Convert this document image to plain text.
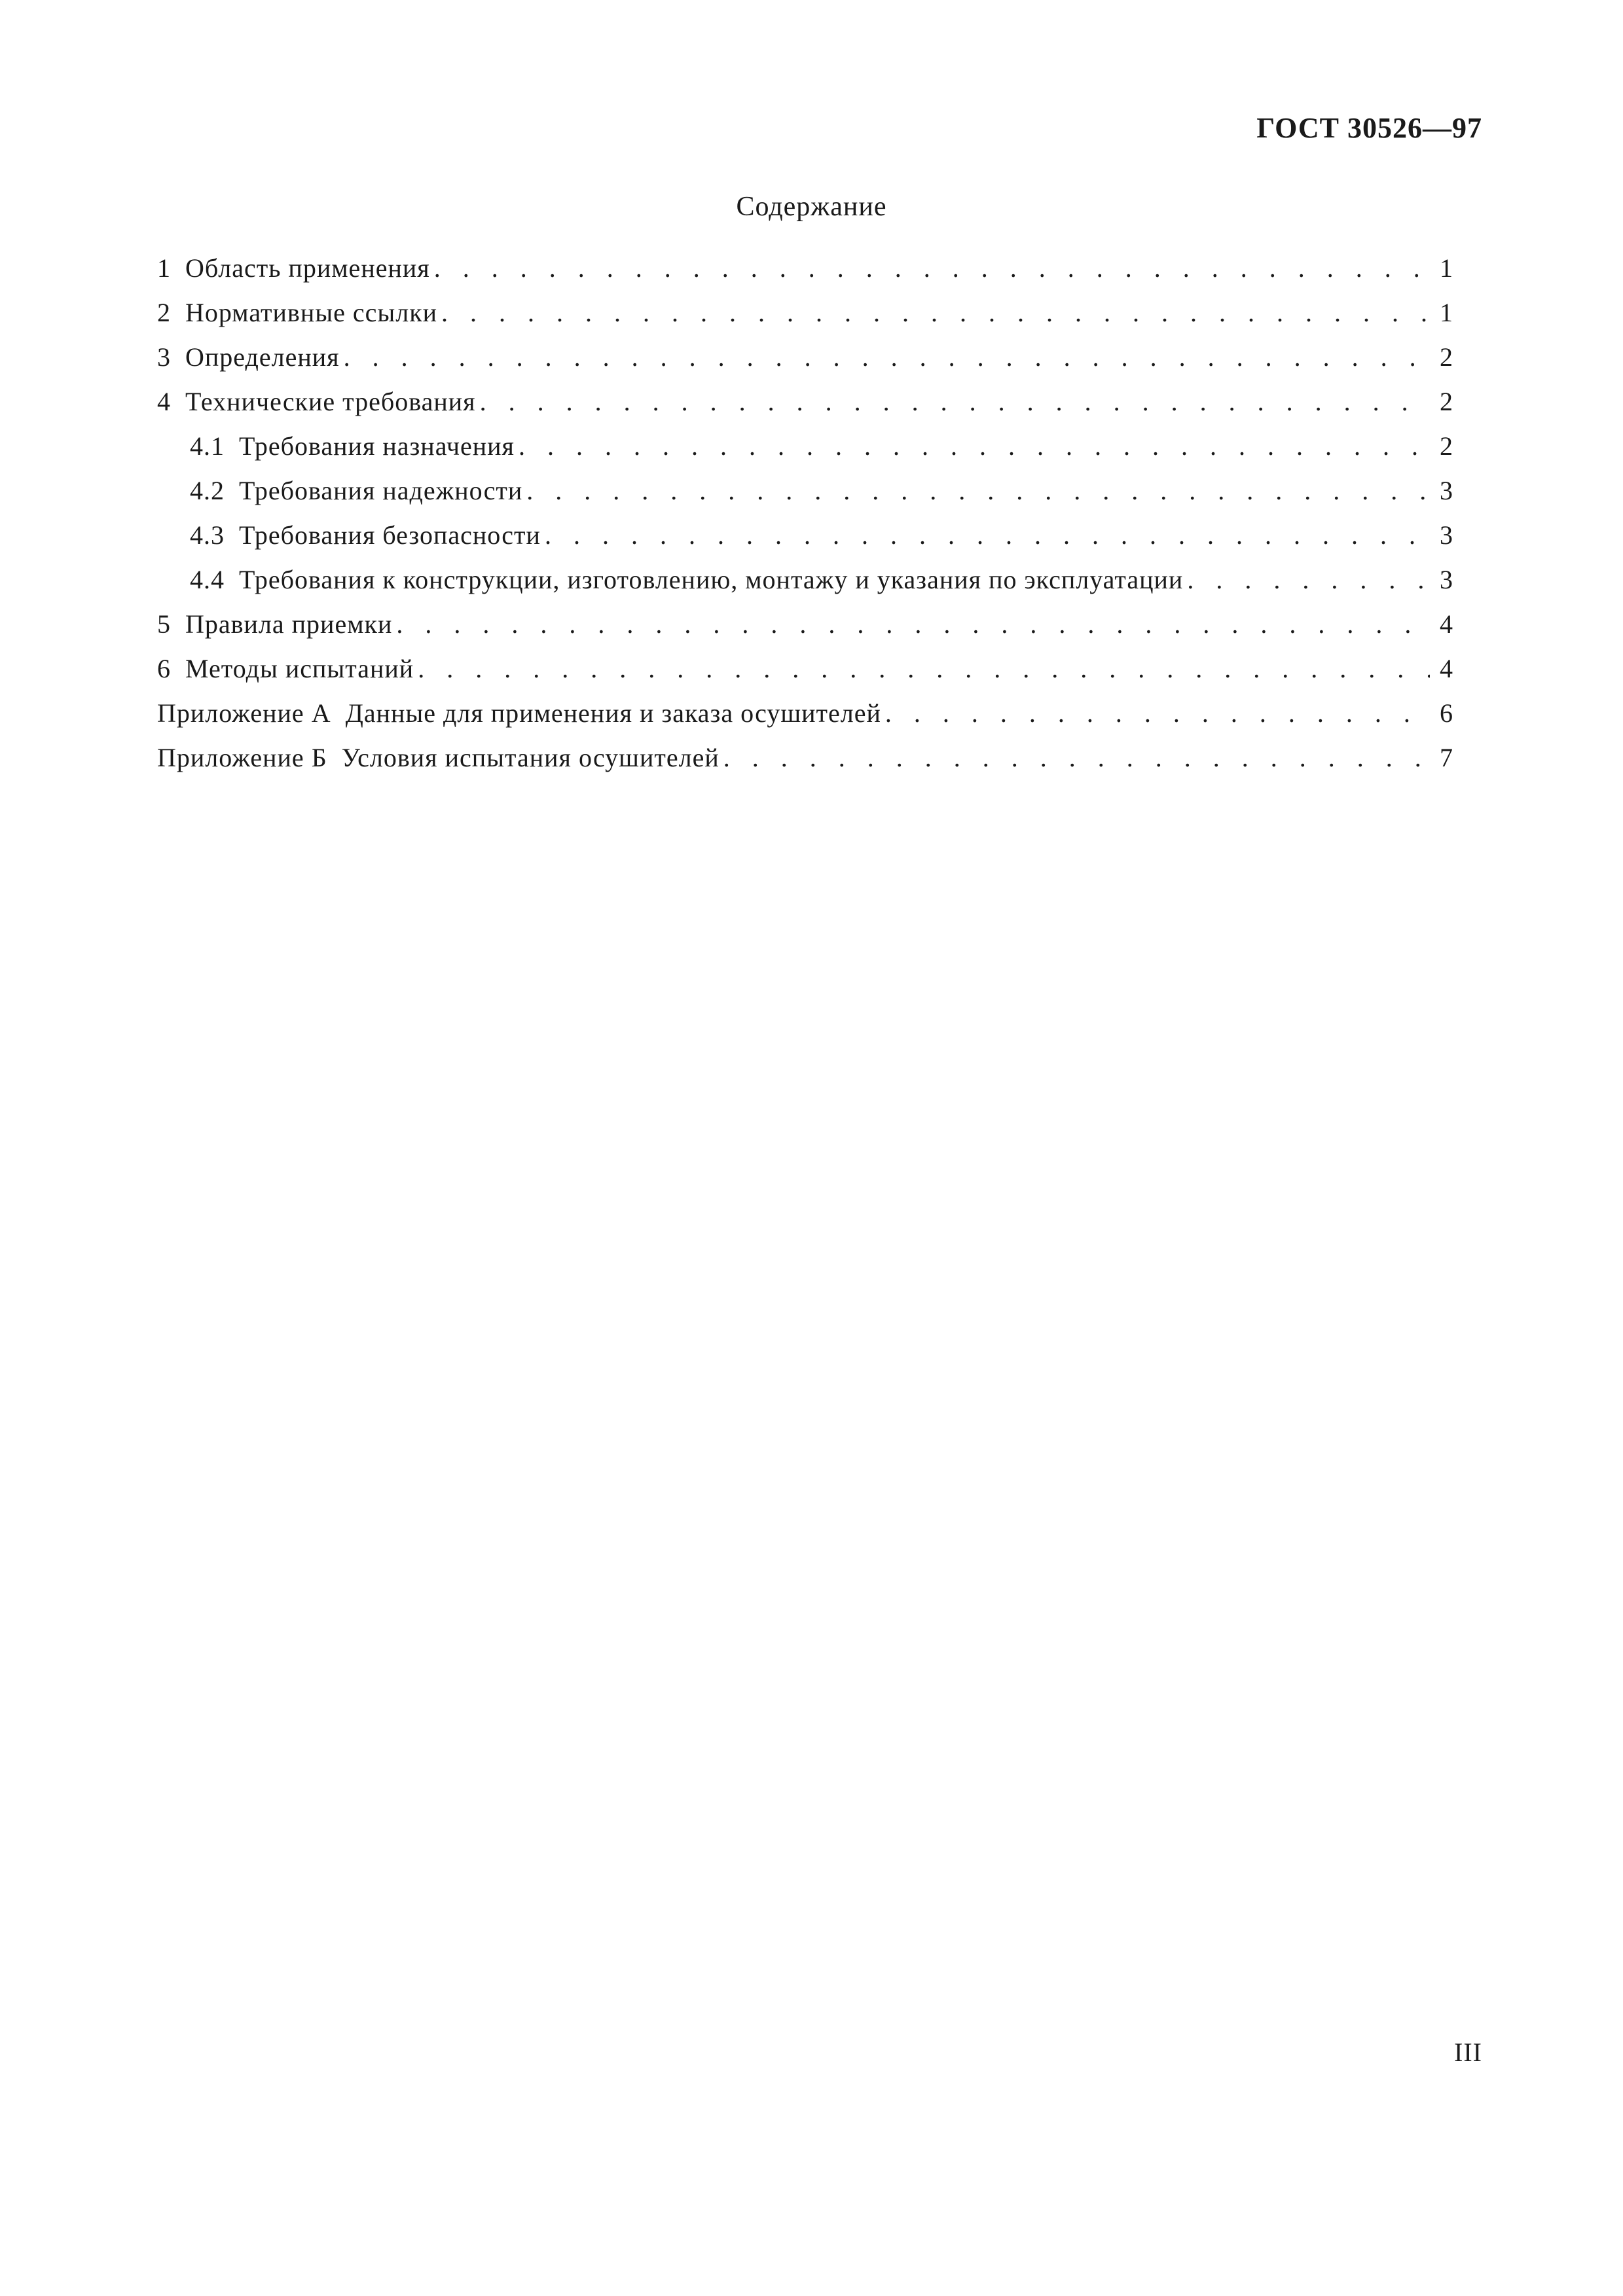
ГОСТ 30526—97
Содержание
1  Область применения . . .	1
2  Нормативные ссылки . . .	1
3  Определения . . .	2
4  Технические требования . . .	2
4.1  Требования назначения . . .	2
4.2  Требования надежности . . .	3
4.3  Требования безопасности . . .	3
4.4  Требования к конструкции, изготовлению, монтажу и указания по эксплуатации . . .	3
5  Правила приемки . . .	4
6  Методы испытаний . . .	4
Приложение А  Данные для применения и заказа осушителей . . .	6
Приложение Б  Условия испытания осушителей . . .	7
III
